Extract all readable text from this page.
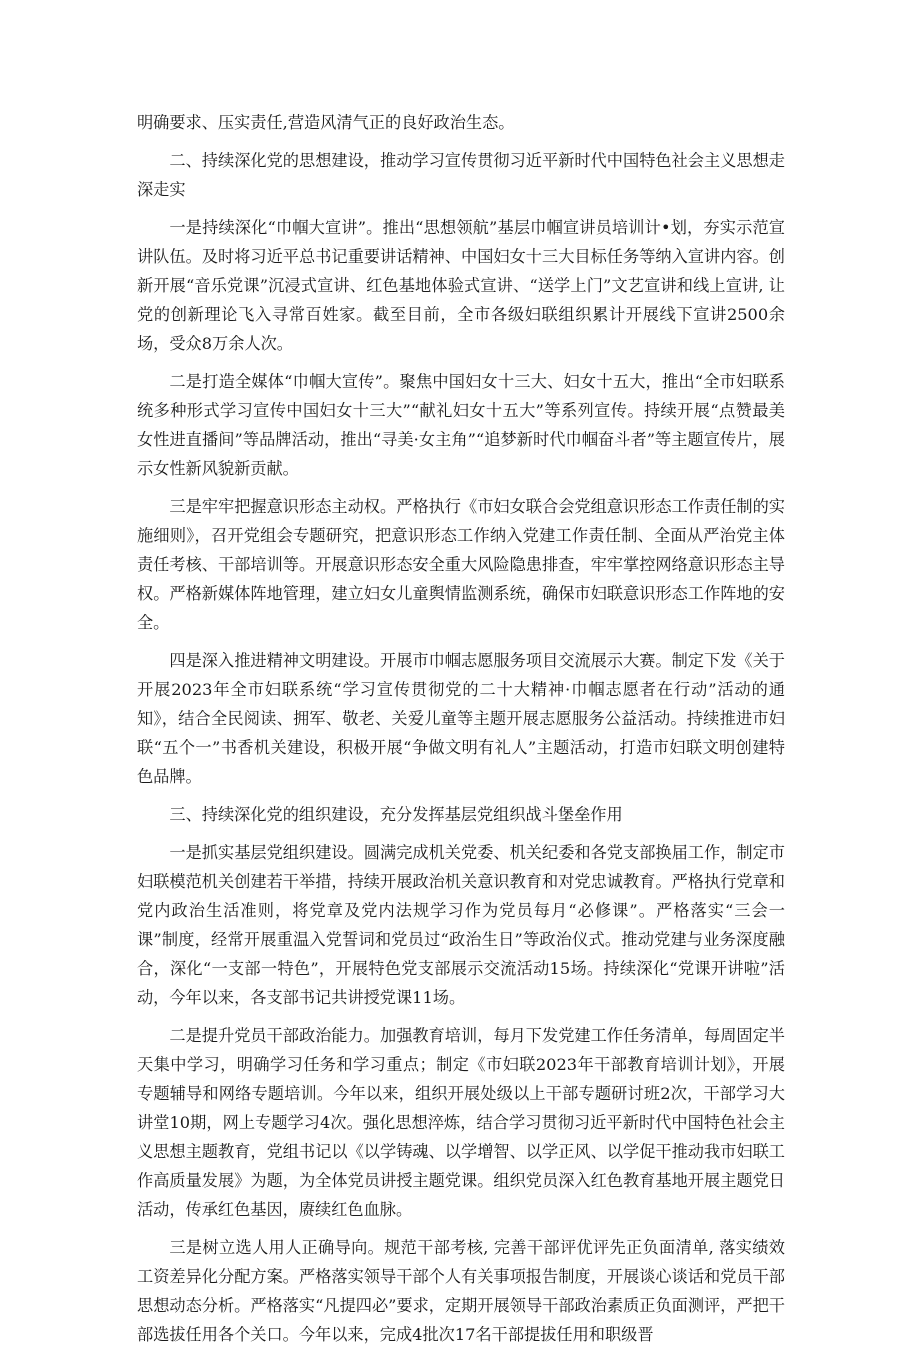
明确要求、压实责任,营造风清气正的良好政治生态。

二、持续深化党的思想建设，推动学习宣传贯彻习近平新时代中国特色社会主义思想走深走实

一是持续深化“巾帼大宣讲”。推出“思想领航”基层巾帼宣讲员培训计•划，夯实示范宣讲队伍。及时将习近平总书记重要讲话精神、中国妇女十三大目标任务等纳入宣讲内容。创新开展“音乐党课”沉浸式宣讲、红色基地体验式宣讲、“送学上门”文艺宣讲和线上宣讲, 让党的创新理论飞入寻常百姓家。截至目前，全市各级妇联组织累计开展线下宣讲2500余场，受众8万余人次。

二是打造全媒体“巾帼大宣传”。聚焦中国妇女十三大、妇女十五大，推出“全市妇联系统多种形式学习宣传中国妇女十三大”“献礼妇女十五大”等系列宣传。持续开展“点赞最美女性进直播间”等品牌活动，推出“寻美·女主角”“追梦新时代巾帼奋斗者”等主题宣传片，展示女性新风貌新贡献。

三是牢牢把握意识形态主动权。严格执行《市妇女联合会党组意识形态工作责任制的实施细则》，召开党组会专题研究，把意识形态工作纳入党建工作责任制、全面从严治党主体责任考核、干部培训等。开展意识形态安全重大风险隐患排查，牢牢掌控网络意识形态主导权。严格新媒体阵地管理，建立妇女儿童舆情监测系统，确保市妇联意识形态工作阵地的安全。

四是深入推进精神文明建设。开展市巾帼志愿服务项目交流展示大赛。制定下发《关于开展2023年全市妇联系统“学习宣传贯彻党的二十大精神·巾帼志愿者在行动”活动的通知》，结合全民阅读、拥军、敬老、关爱儿童等主题开展志愿服务公益活动。持续推进市妇联“五个一”书香机关建设，积极开展“争做文明有礼人”主题活动，打造市妇联文明创建特色品牌。

三、持续深化党的组织建设，充分发挥基层党组织战斗堡垒作用

一是抓实基层党组织建设。圆满完成机关党委、机关纪委和各党支部换届工作，制定市妇联模范机关创建若干举措，持续开展政治机关意识教育和对党忠诚教育。严格执行党章和党内政治生活准则，将党章及党内法规学习作为党员每月“必修课”。严格落实“三会一课”制度，经常开展重温入党誓词和党员过“政治生日”等政治仪式。推动党建与业务深度融合，深化“一支部一特色”，开展特色党支部展示交流活动15场。持续深化“党课开讲啦”活动，今年以来，各支部书记共讲授党课11场。

二是提升党员干部政治能力。加强教育培训，每月下发党建工作任务清单，每周固定半天集中学习，明确学习任务和学习重点；制定《市妇联2023年干部教育培训计划》，开展专题辅导和网络专题培训。今年以来，组织开展处级以上干部专题研讨班2次，干部学习大讲堂10期，网上专题学习4次。强化思想淬炼，结合学习贯彻习近平新时代中国特色社会主义思想主题教育，党组书记以《以学铸魂、以学增智、以学正风、以学促干推动我市妇联工作高质量发展》为题，为全体党员讲授主题党课。组织党员深入红色教育基地开展主题党日活动，传承红色基因，赓续红色血脉。

三是树立选人用人正确导向。规范干部考核, 完善干部评优评先正负面清单, 落实绩效工资差异化分配方案。严格落实领导干部个人有关事项报告制度，开展谈心谈话和党员干部思想动态分析。严格落实“凡提四必”要求，定期开展领导干部政治素质正负面测评，严把干部选拔任用各个关口。今年以来，完成4批次17名干部提拔任用和职级晋
